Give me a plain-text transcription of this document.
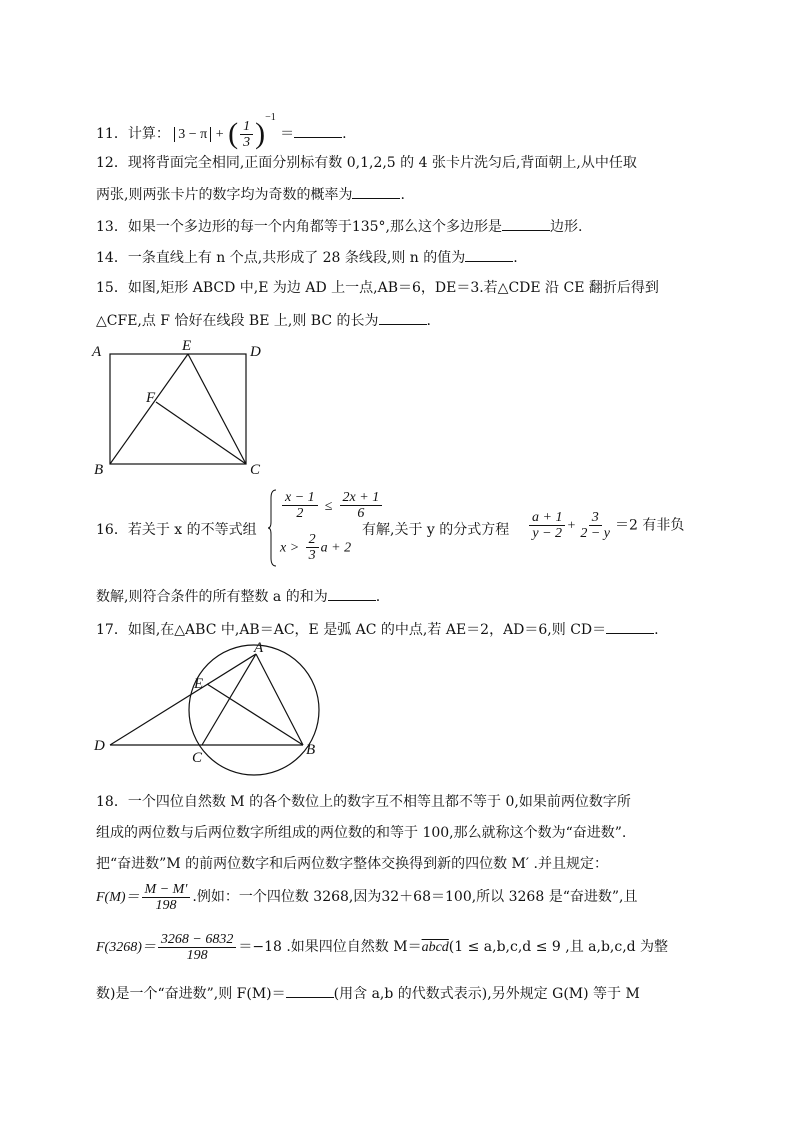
11．计算： 3 − π + ( $\frac{1}{3} )^{-1}$ ＝	.
12．现将背面完全相同,正面分别标有数 0,1,2,5 的 4 张卡片洗匀后,背面朝上,从中任取
两张,则两张卡片的数字均为奇数的概率为	.
13．如果一个多边形的每一个内角都等于135°,那么这个多边形是	边形.
14．一条直线上有 n 个点,共形成了 28 条线段,则 n 的值为	.
15．如图,矩形 ABCD 中,E 为边 AD 上一点,AB＝6，DE＝3.若△CDE 沿 CE 翻折后得到
△CFE,点 F 恰好在线段 BE 上,则 BC 的长为	.
A	E	D
F
B	C
16．若关于 x 的不等式组
$\frac{x - 1}{2} \le \frac{2x + 1}{6}$
$x > \frac{2}{3}$ a + 2
有解,关于 y 的分式方程 $\frac{a + 1}{y - 2} + \frac{3}{2 - y} =2$ 有非负
数解,则符合条件的所有整数 a 的和为	.
17．如图,在△ABC 中,AB＝AC，E 是弧 AC 的中点,若 AE＝2，AD＝6,则 CD＝	.
A
E
D
C	B
18．一个四位自然数 M 的各个数位上的数字互不相等且都不等于 0,如果前两位数字所
组成的两位数与后两位数字所组成的两位数的和等于 100,那么就称这个数为“奋进数”.
把“奋进数”M 的前两位数字和后两位数字整体交换得到新的四位数 M′ .并且规定：
$F(M)= \frac{M - M'}{198}$ .例如：一个四位数 3268,因为32＋68＝100,所以 3268 是“奋进数”,且
$F(3268)= \frac{3268 - 6832}{198} =-18$ .如果四位自然数 M＝abcd(1 ≤ a,b,c,d ≤ 9 ,且 a,b,c,d 为整
数)是一个“奋进数”,则 F(M)＝	(用含 a,b 的代数式表示),另外规定 G(M) 等于 M
